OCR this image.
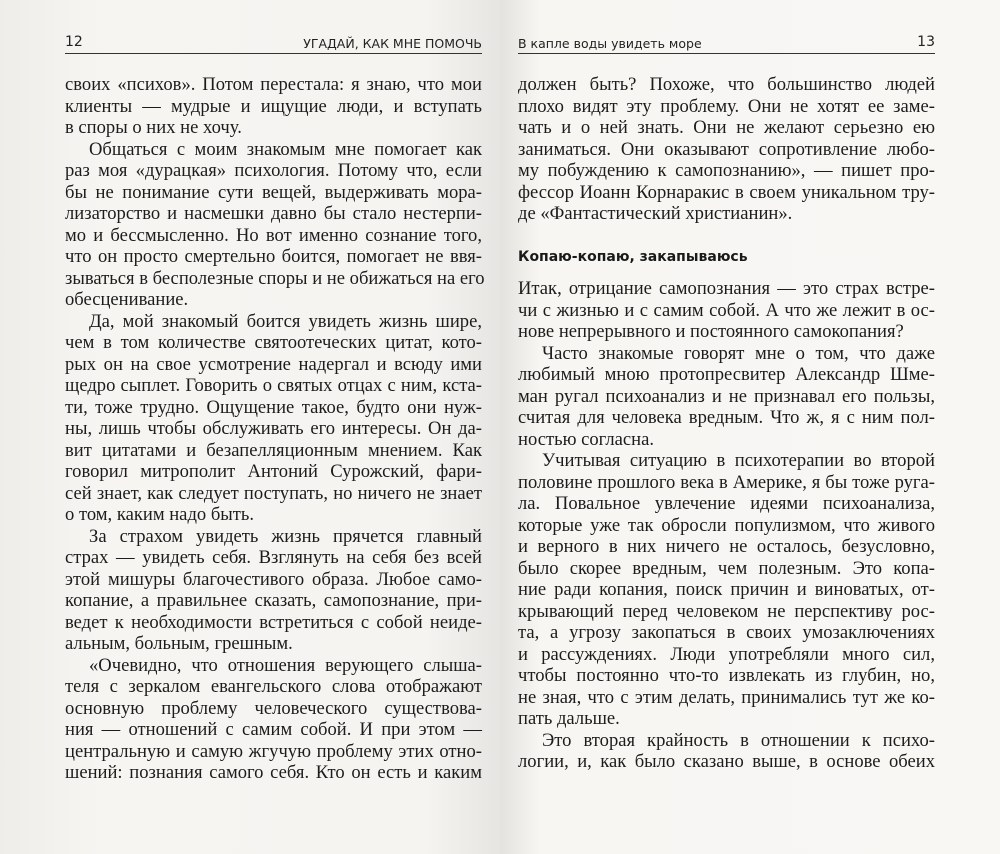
12	УГАДАЙ, КАК МНЕ ПОМОЧЬ
своих «психов». Потом перестала: я знаю, что мои
клиенты — мудрые и ищущие люди, и вступать
в споры о них не хочу.
Общаться с моим знакомым мне помогает как
раз моя «дурацкая» психология. Потому что, если
бы не понимание сути вещей, выдерживать мора-
лизаторство и насмешки давно бы стало нестерпи-
мо и бессмысленно. Но вот именно сознание того,
что он просто смертельно боится, помогает не ввя-
зываться в бесполезные споры и не обижаться на его
обесценивание.
Да, мой знакомый боится увидеть жизнь шире,
чем в том количестве святоотеческих цитат, кото-
рых он на свое усмотрение надергал и всюду ими
щедро сыплет. Говорить о святых отцах с ним, кста-
ти, тоже трудно. Ощущение такое, будто они нуж-
ны, лишь чтобы обслуживать его интересы. Он да-
вит цитатами и безапелляционным мнением. Как
говорил митрополит Антоний Сурожский, фари-
сей знает, как следует поступать, но ничего не знает
о том, каким надо быть.
За страхом увидеть жизнь прячется главный
страх — увидеть себя. Взглянуть на себя без всей
этой мишуры благочестивого образа. Любое само-
копание, а правильнее сказать, самопознание, при-
ведет к необходимости встретиться с собой неиде-
альным, больным, грешным.
«Очевидно, что отношения верующего слыша-
теля с зеркалом евангельского слова отображают
основную проблему человеческого существова-
ния — отношений с самим собой. И при этом —
центральную и самую жгучую проблему этих отно-
шений: познания самого себя. Кто он есть и каким
В капле воды увидеть море	13
должен быть? Похоже, что большинство людей
плохо видят эту проблему. Они не хотят ее заме-
чать и о ней знать. Они не желают серьезно ею
заниматься. Они оказывают сопротивление любо-
му побуждению к самопознанию», — пишет про-
фессор Иоанн Корнаракис в своем уникальном тру-
де «Фантастический христианин».
Копаю-копаю, закапываюсь
Итак, отрицание самопознания — это страх встре-
чи с жизнью и с самим собой. А что же лежит в ос-
нове непрерывного и постоянного самокопания?
Часто знакомые говорят мне о том, что даже
любимый мною протопресвитер Александр Шме-
ман ругал психоанализ и не признавал его пользы,
считая для человека вредным. Что ж, я с ним пол-
ностью согласна.
Учитывая ситуацию в психотерапии во второй
половине прошлого века в Америке, я бы тоже руга-
ла. Повальное увлечение идеями психоанализа,
которые уже так обросли популизмом, что живого
и верного в них ничего не осталось, безусловно,
было скорее вредным, чем полезным. Это копа-
ние ради копания, поиск причин и виноватых, от-
крывающий перед человеком не перспективу рос-
та, а угрозу закопаться в своих умозаключениях
и рассуждениях. Люди употребляли много сил,
чтобы постоянно что-то извлекать из глубин, но,
не зная, что с этим делать, принимались тут же ко-
пать дальше.
Это вторая крайность в отношении к психо-
логии, и, как было сказано выше, в основе обеих
